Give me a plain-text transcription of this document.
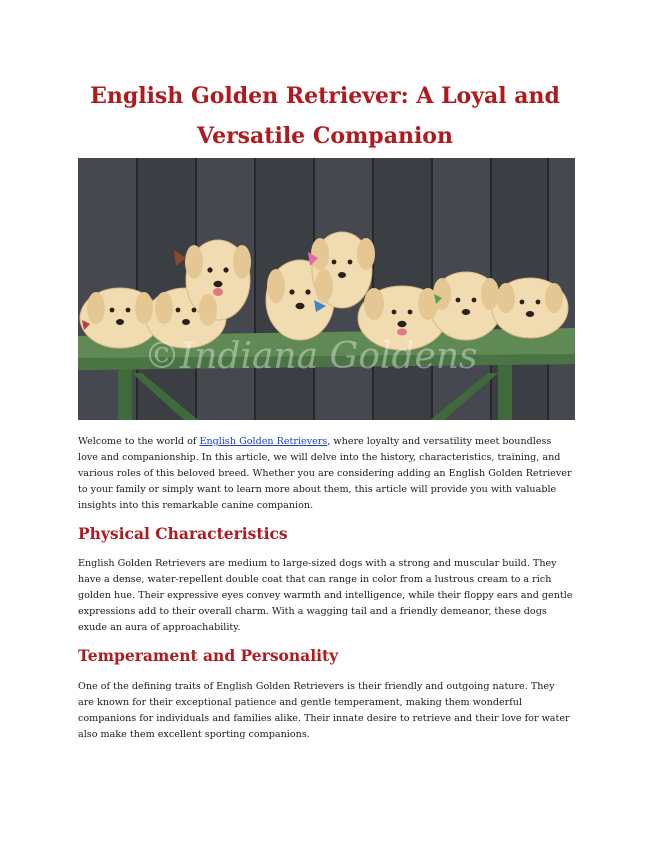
English Golden Retriever: A Loyal and Versatile Companion
©Indiana Goldens

Welcome to the world of English Golden Retrievers, where loyalty and versatility meet boundless love and companionship. In this article, we will delve into the history, characteristics, training, and various roles of this beloved breed. Whether you are considering adding an English Golden Retriever to your family or simply want to learn more about them, this article will provide you with valuable insights into this remarkable canine companion.

Physical Characteristics

English Golden Retrievers are medium to large-sized dogs with a strong and muscular build. They have a dense, water-repellent double coat that can range in color from a lustrous cream to a rich golden hue. Their expressive eyes convey warmth and intelligence, while their floppy ears and gentle expressions add to their overall charm. With a wagging tail and a friendly demeanor, these dogs exude an aura of approachability.

Temperament and Personality

One of the defining traits of English Golden Retrievers is their friendly and outgoing nature. They are known for their exceptional patience and gentle temperament, making them wonderful companions for individuals and families alike. Their innate desire to retrieve and their love for water also make them excellent sporting companions.
